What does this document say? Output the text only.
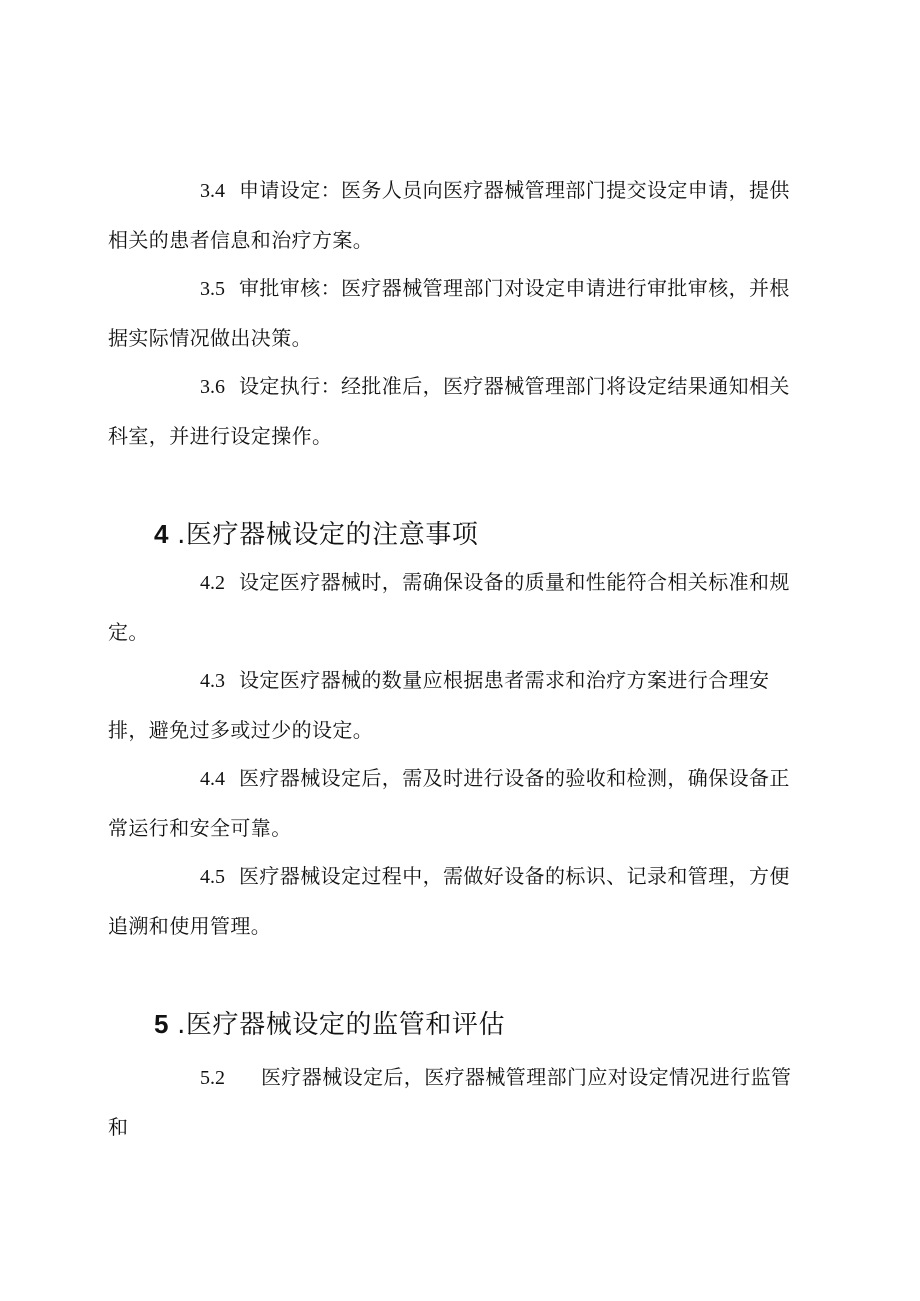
3.4 申请设定：医务人员向医疗器械管理部门提交设定申请，提供相关的患者信息和治疗方案。

3.5 审批审核：医疗器械管理部门对设定申请进行审批审核，并根据实际情况做出决策。

3.6 设定执行：经批准后，医疗器械管理部门将设定结果通知相关科室，并进行设定操作。

4 .医疗器械设定的注意事项

4.2 设定医疗器械时，需确保设备的质量和性能符合相关标准和规定。

4.3 设定医疗器械的数量应根据患者需求和治疗方案进行合理安排，避免过多或过少的设定。

4.4 医疗器械设定后，需及时进行设备的验收和检测，确保设备正常运行和安全可靠。

4.5 医疗器械设定过程中，需做好设备的标识、记录和管理，方便追溯和使用管理。

5 .医疗器械设定的监管和评估

5.2 医疗器械设定后，医疗器械管理部门应对设定情况进行监管和
